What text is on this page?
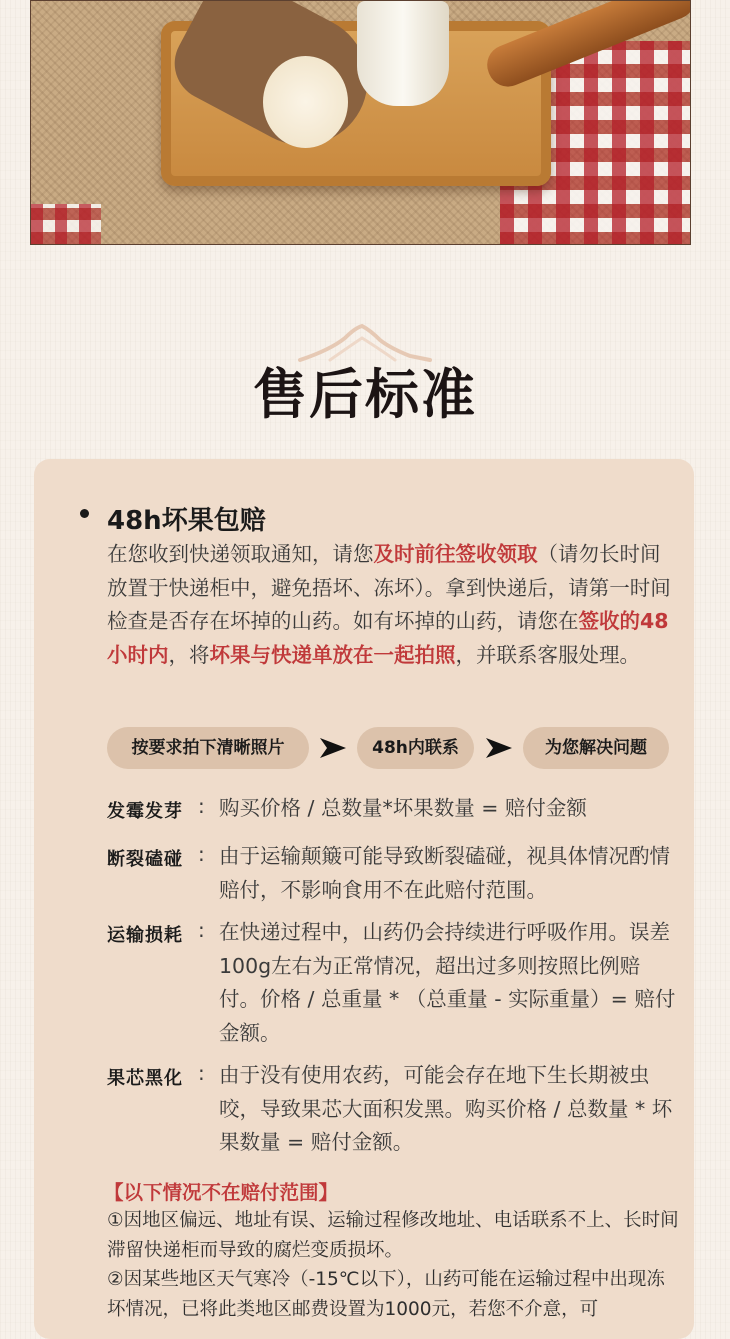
售后标准
48h坏果包赔
在您收到快递领取通知，请您及时前往签收领取（请勿长时间放置于快递柜中，避免捂坏、冻坏）。拿到快递后，请第一时间检查是否存在坏掉的山药。如有坏掉的山药，请您在签收的48小时内，将坏果与快递单放在一起拍照，并联系客服处理。
按要求拍下清晰照片	48h内联系	为您解决问题
发霉发芽 : 购买价格 / 总数量*坏果数量 = 赔付金额
断裂磕碰 : 由于运输颠簸可能导致断裂磕碰，视具体情况酌情赔付，不影响食用不在此赔付范围。
运输损耗 : 在快递过程中，山药仍会持续进行呼吸作用。误差100g左右为正常情况，超出过多则按照比例赔付。价格 / 总重量 * （总重量 - 实际重量）= 赔付金额。
果芯黑化 : 由于没有使用农药，可能会存在地下生长期被虫咬，导致果芯大面积发黑。购买价格 / 总数量 * 坏果数量 = 赔付金额。
【以下情况不在赔付范围】
①因地区偏远、地址有误、运输过程修改地址、电话联系不上、长时间滞留快递柜而导致的腐烂变质损坏。
②因某些地区天气寒冷（-15℃以下），山药可能在运输过程中出现冻坏情况，已将此类地区邮费设置为1000元，若您不介意，可
